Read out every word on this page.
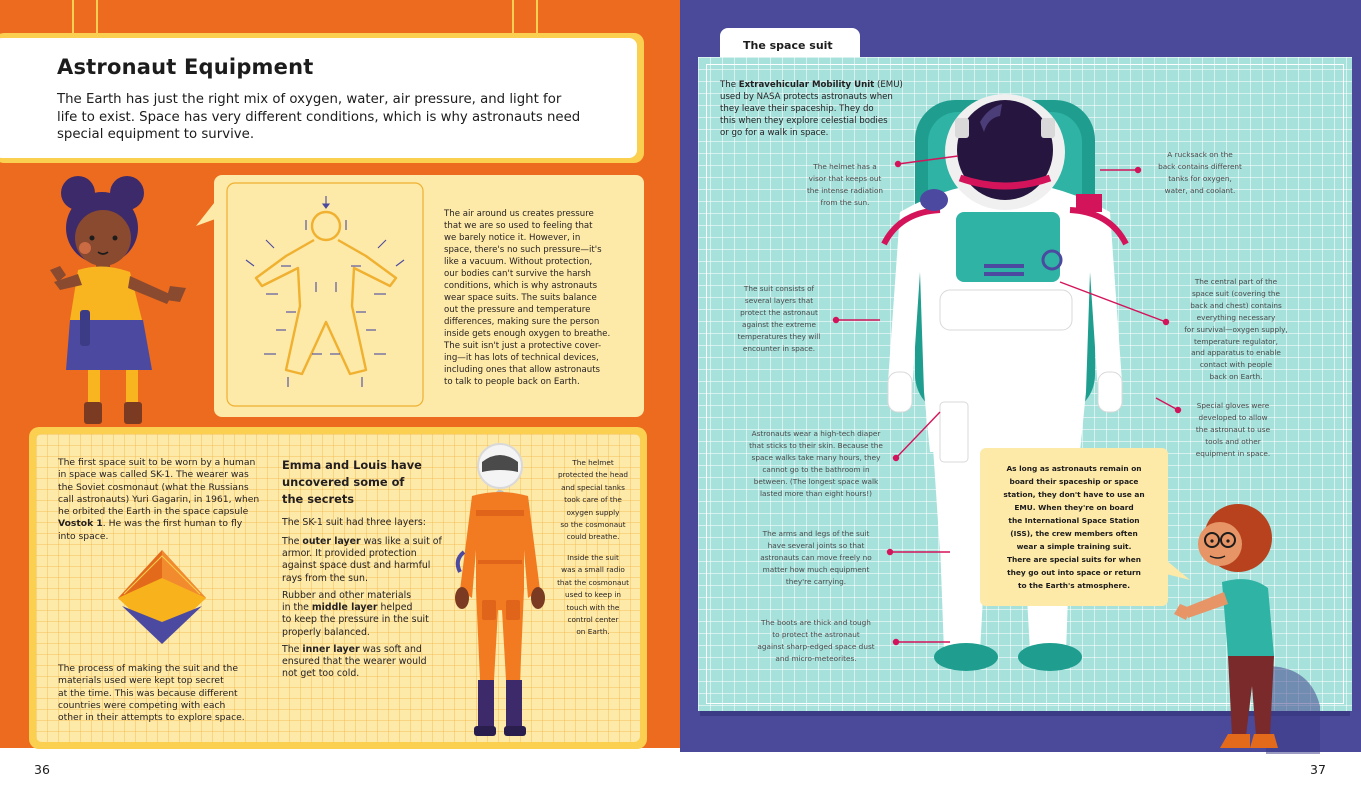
Astronaut Equipment
The Earth has just the right mix of oxygen, water, air pressure, and light for
life to exist. Space has very different conditions, which is why astronauts need
special equipment to survive.
The air around us creates pressure
that we are so used to feeling that
we barely notice it. However, in
space, there's no such pressure—it's
like a vacuum. Without protection,
our bodies can't survive the harsh
conditions, which is why astronauts
wear space suits. The suits balance
out the pressure and temperature
differences, making sure the person
inside gets enough oxygen to breathe.
The suit isn't just a protective cover-
ing—it has lots of technical devices,
including ones that allow astronauts
to talk to people back on Earth.
The first space suit to be worn by a human
in space was called SK-1. The wearer was
the Soviet cosmonaut (what the Russians
call astronauts) Yuri Gagarin, in 1961, when
he orbited the Earth in the space capsule Vostok 1. He was the first human to fly
into space.
The process of making the suit and the
materials used were kept top secret
at the time. This was because different
countries were competing with each
other in their attempts to explore space.
Emma and Louis have
uncovered some of
the secrets
The SK-1 suit had three layers:
The outer layer was like a suit of
armor. It provided protection
against space dust and harmful
rays from the sun.
Rubber and other materials
in the middle layer helped
to keep the pressure in the suit
properly balanced.
The inner layer was soft and
ensured that the wearer would
not get too cold.
The helmet
protected the head
and special tanks
took care of the
oxygen supply
so the cosmonaut
could breathe.
Inside the suit
was a small radio
that the cosmonaut
used to keep in
touch with the
control center
on Earth.
36
The space suit
The Extravehicular Mobility Unit (EMU)
used by NASA protects astronauts when
they leave their spaceship. They do
this when they explore celestial bodies
or go for a walk in space.
The helmet has a
visor that keeps out
the intense radiation
from the sun.
The suit consists of
several layers that
protect the astronaut
against the extreme
temperatures they will
encounter in space.
Astronauts wear a high-tech diaper
that sticks to their skin. Because the
space walks take many hours, they
cannot go to the bathroom in
between. (The longest space walk
lasted more than eight hours!)
The arms and legs of the suit
have several joints so that
astronauts can move freely no
matter how much equipment
they're carrying.
The boots are thick and tough
to protect the astronaut
against sharp-edged space dust
and micro-meteorites.
A rucksack on the
back contains different
tanks for oxygen,
water, and coolant.
The central part of the
space suit (covering the
back and chest) contains
everything necessary
for survival—oxygen supply,
temperature regulator,
and apparatus to enable
contact with people
back on Earth.
Special gloves were
developed to allow
the astronaut to use
tools and other
equipment in space.
As long as astronauts remain on
board their spaceship or space
station, they don't have to use an
EMU. When they're on board
the International Space Station
(ISS), the crew members often
wear a simple training suit.
There are special suits for when
they go out into space or return
to the Earth's atmosphere.
37
